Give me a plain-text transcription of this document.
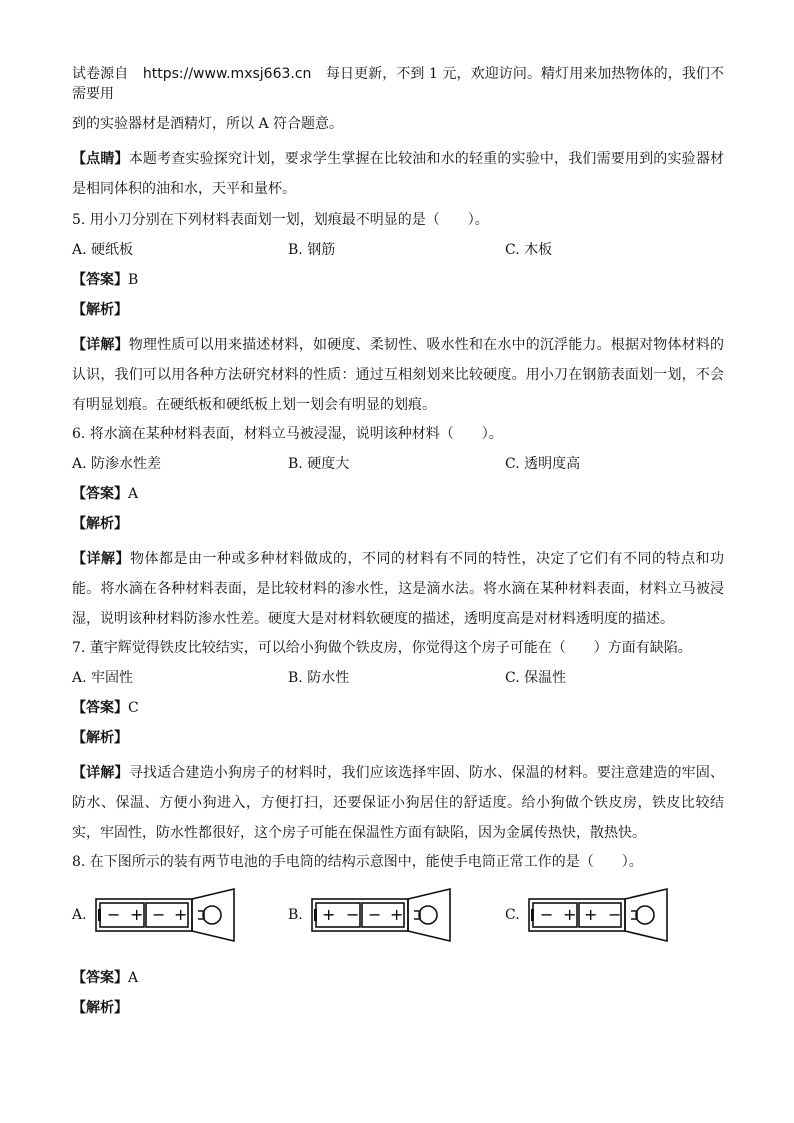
试卷源自 https://www.mxsj663.cn 每日更新，不到 1 元，欢迎访问。精灯用来加热物体的，我们不需要用
到的实验器材是酒精灯，所以 A 符合题意。
【点睛】本题考查实验探究计划，要求学生掌握在比较油和水的轻重的实验中，我们需要用到的实验器材是相同体积的油和水，天平和量杯。
5. 用小刀分别在下列材料表面划一划，划痕最不明显的是（　　）。
A. 硬纸板	B. 钢筋	C. 木板
【答案】B
【解析】
【详解】物理性质可以用来描述材料，如硬度、柔韧性、吸水性和在水中的沉浮能力。根据对物体材料的认识，我们可以用各种方法研究材料的性质：通过互相刻划来比较硬度。用小刀在钢筋表面划一划，不会有明显划痕。在硬纸板和硬纸板上划一划会有明显的划痕。
6. 将水滴在某种材料表面，材料立马被浸湿，说明该种材料（　　）。
A. 防渗水性差	B. 硬度大	C. 透明度高
【答案】A
【解析】
【详解】物体都是由一种或多种材料做成的，不同的材料有不同的特性，决定了它们有不同的特点和功能。将水滴在各种材料表面，是比较材料的渗水性，这是滴水法。将水滴在某种材料表面，材料立马被浸湿，说明该种材料防渗水性差。硬度大是对材料软硬度的描述，透明度高是对材料透明度的描述。
7. 董宇辉觉得铁皮比较结实，可以给小狗做个铁皮房，你觉得这个房子可能在（　　）方面有缺陷。
A. 牢固性	B. 防水性	C. 保温性
【答案】C
【解析】
【详解】寻找适合建造小狗房子的材料时，我们应该选择牢固、防水、保温的材料。要注意建造的牢固、防水、保温、方便小狗进入，方便打扫，还要保证小狗居住的舒适度。给小狗做个铁皮房，铁皮比较结实，牢固性，防水性都很好，这个房子可能在保温性方面有缺陷，因为金属传热快，散热快。
8. 在下图所示的装有两节电池的手电筒的结构示意图中，能使手电筒正常工作的是（　　）。
A.	− + − +	B.	+ − − +	C.	− + + −
【答案】A
【解析】
